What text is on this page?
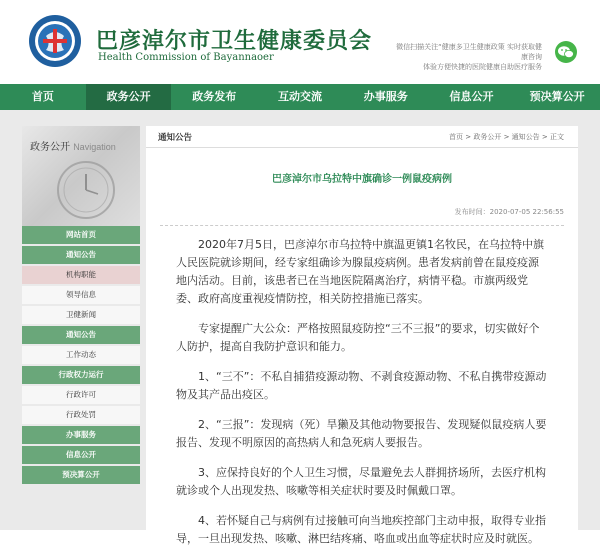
巴彦淖尔市卫生健康委员会
Health Commission of Bayannaoer
微信扫描关注“健康多卫生健康政策 实时获取健康咨询
体验方便快捷的医院健康自助医疗服务
首页	政务公开	政务发布	互动交流	办事服务	信息公开	预决算公开
政务公开 Navigation
网站首页
通知公告
机构职能
领导信息
卫健新闻
通知公告
工作动态
行政权力运行
行政许可
行政处罚
办事服务
信息公开
预决算公开
通知公告	首页 > 政务公开 > 通知公告 > 正文
巴彦淖尔市乌拉特中旗确诊一例鼠疫病例
发布时间：2020-07-05 22:56:55

2020年7月5日，巴彦淖尔市乌拉特中旗温更镇1名牧民，在乌拉特中旗人民医院就诊期间，经专家组确诊为腺鼠疫病例。患者发病前曾在鼠疫疫源地内活动。目前，该患者已在当地医院隔离治疗，病情平稳。市旗两级党委、政府高度重视疫情防控，相关防控措施已落实。

专家提醒广大公众：严格按照鼠疫防控“三不三报”的要求，切实做好个人防护，提高自我防护意识和能力。

1、“三不”：不私自捕猎疫源动物、不剥食疫源动物、不私自携带疫源动物及其产品出疫区。

2、“三报”：发现病（死）旱獭及其他动物要报告、发现疑似鼠疫病人要报告、发现不明原因的高热病人和急死病人要报告。

3、应保持良好的个人卫生习惯，尽量避免去人群拥挤场所，去医疗机构就诊或个人出现发热、咳嗽等相关症状时要及时佩戴口罩。

4、若怀疑自己与病例有过接触可向当地疾控部门主动申报，取得专业指导，一旦出现发热、咳嗽、淋巴结疼痛、咯血或出血等症状时应及时就医。
